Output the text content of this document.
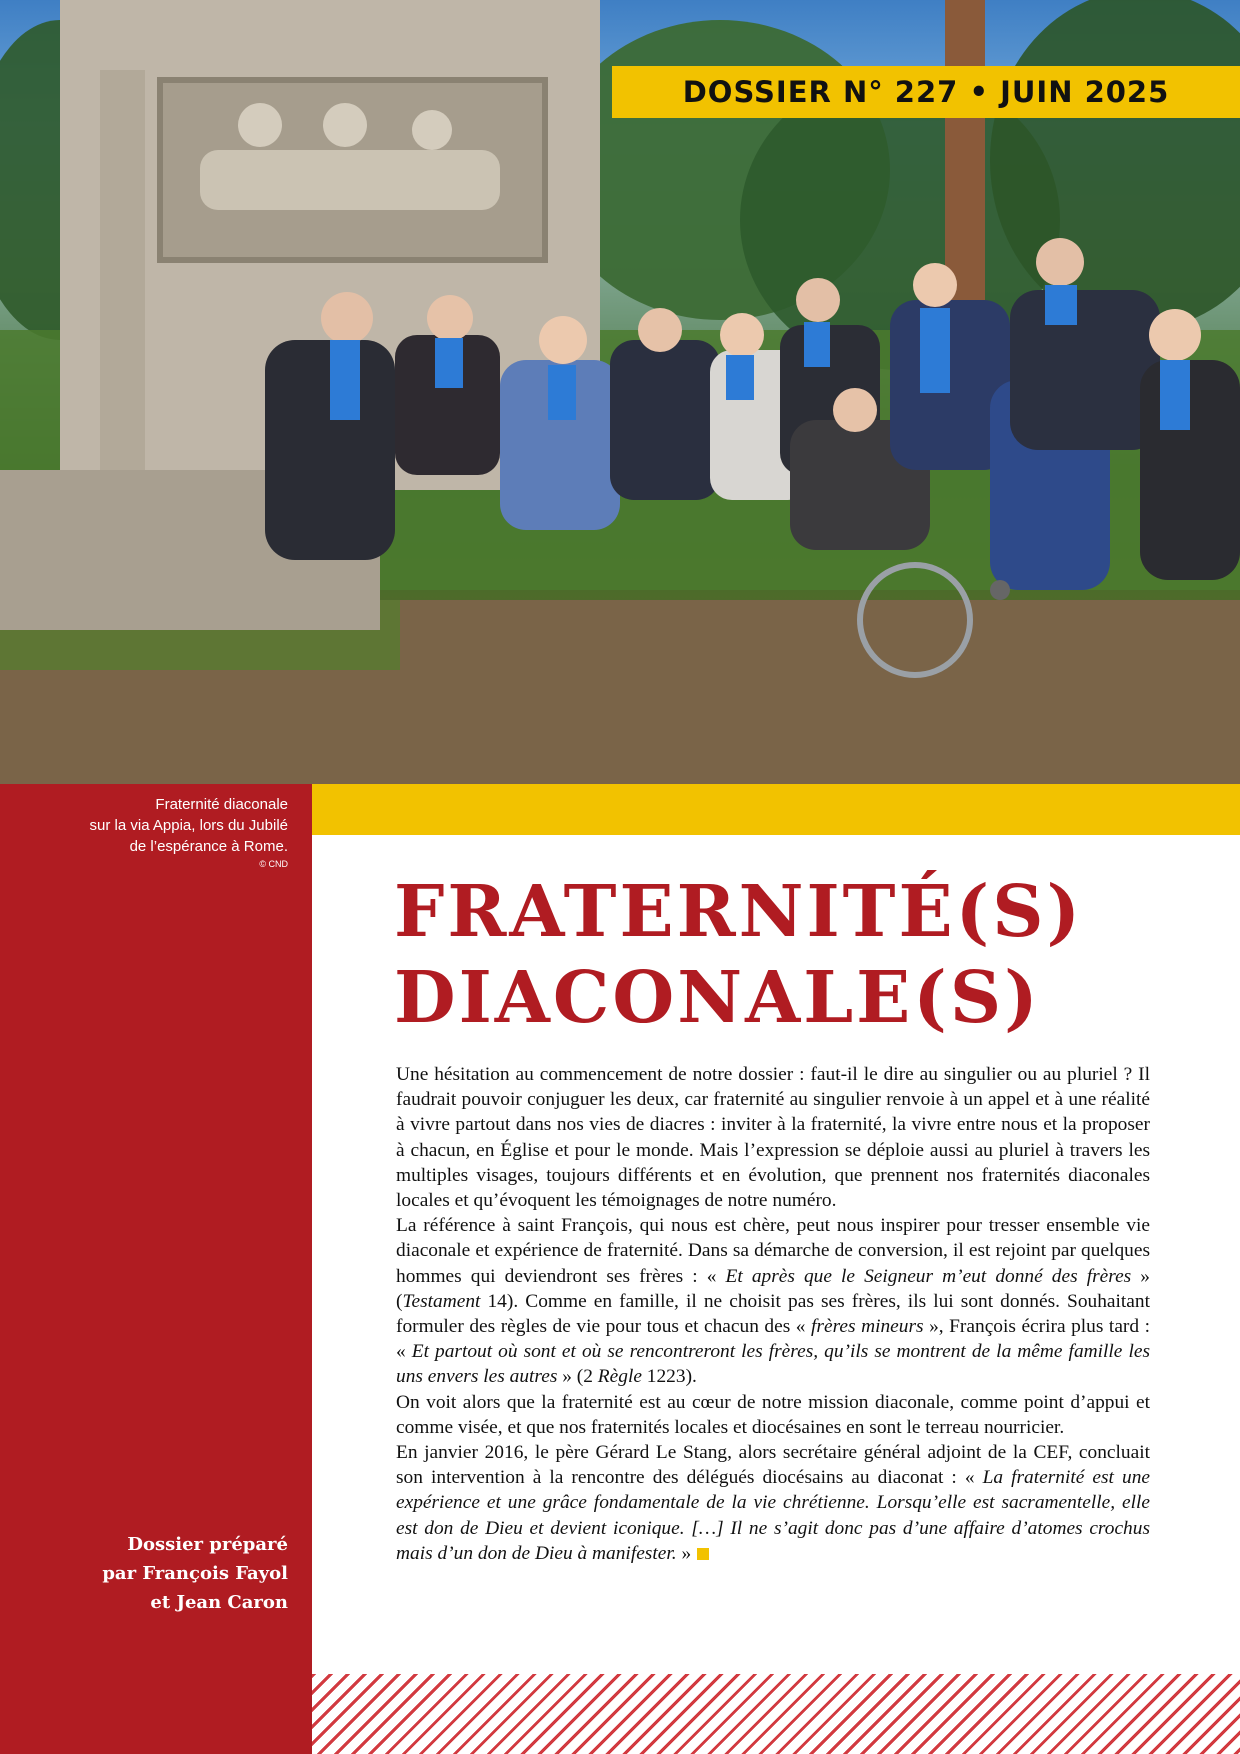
DOSSIER N° 227 • JUIN 2025
Fraternité diaconale
sur la via Appia, lors du Jubilé
de l’espérance à Rome.
© CND
Dossier préparé
par François Fayol
et Jean Caron
FRATERNITÉ(S)
DIACONALE(S)

Une hésitation au commencement de notre dossier : faut-il le dire au singulier ou au pluriel ? Il faudrait pouvoir conjuguer les deux, car fraternité au singulier renvoie à un appel et à une réalité à vivre partout dans nos vies de diacres : inviter à la fraternité, la vivre entre nous et la proposer à chacun, en Église et pour le monde. Mais l’expression se déploie aussi au pluriel à travers les multiples visages, toujours différents et en évolution, que prennent nos fraternités diaconales locales et qu’évoquent les témoignages de notre numéro.

La référence à saint François, qui nous est chère, peut nous inspirer pour tresser ensemble vie diaconale et expérience de fraternité. Dans sa démarche de conversion, il est rejoint par quelques hommes qui deviendront ses frères : « Et après que le Seigneur m’eut donné des frères » (Testament 14). Comme en famille, il ne choisit pas ses frères, ils lui sont donnés. Souhaitant formuler des règles de vie pour tous et chacun des « frères mineurs », François écrira plus tard : « Et partout où sont et où se rencontreront les frères, qu’ils se montrent de la même famille les uns envers les autres » (2 Règle 1223).

On voit alors que la fraternité est au cœur de notre mission diaconale, comme point d’appui et comme visée, et que nos fraternités locales et diocésaines en sont le terreau nourricier.

En janvier 2016, le père Gérard Le Stang, alors secrétaire général adjoint de la CEF, concluait son intervention à la rencontre des délégués diocésains au diaconat : « La fraternité est une expérience et une grâce fondamentale de la vie chrétienne. Lorsqu’elle est sacramentelle, elle est don de Dieu et devient iconique. […] Il ne s’agit donc pas d’une affaire d’atomes crochus mais d’un don de Dieu à manifester. »
